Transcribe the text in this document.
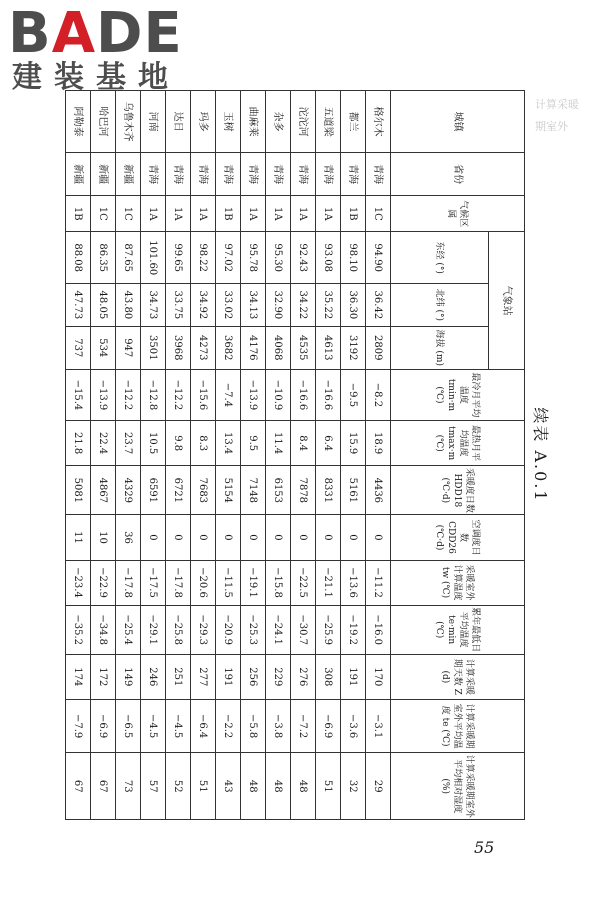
BADE
建装基地
续表 A.0.1
城镇	省份	气候区属	气象站			最冷月平均温度 tmin·m (℃)	最热月平均温度 tmax·m (℃)	采暖度日数 HDD18 (℃·d)	空调度日数 CDD26 (℃·d)	采暖室外计算温度 tw (℃)	累年最低日平均温度 te·min (℃)	计算采暖期天数 Z (d)	计算采暖期室外平均温度 te (℃)	计算采暖期室外平均相对湿度 (%)
			东经 (°)	北纬 (°)	海拔 (m)									
格尔木	青海	1C	94.90	36.42	2809	−8.2	18.9	4436	0	−11.2	−16.0	170	−3.1	29
都兰	青海	1B	98.10	36.30	3192	−9.5	15.9	5161	0	−13.6	−19.2	191	−3.6	32
五道梁	青海	1A	93.08	35.22	4613	−16.6	6.4	8331	0	−21.1	−25.9	308	−6.9	51
沱沱河	青海	1A	92.43	34.22	4535	−16.6	8.4	7878	0	−22.5	−30.7	276	−7.2	48
杂多	青海	1A	95.30	32.90	4068	−10.9	11.4	6153	0	−15.8	−24.1	229	−3.8	48
曲麻莱	青海	1A	95.78	34.13	4176	−13.9	9.5	7148	0	−19.1	−25.3	256	−5.8	48
玉树	青海	1B	97.02	33.02	3682	−7.4	13.4	5154	0	−11.5	−20.9	191	−2.2	43
玛多	青海	1A	98.22	34.92	4273	−15.6	8.3	7683	0	−20.6	−29.3	277	−6.4	51
达日	青海	1A	99.65	33.75	3968	−12.2	9.8	6721	0	−17.8	−25.8	251	−4.5	52
河南	青海	1A	101.60	34.73	3501	−12.8	10.5	6591	0	−17.5	−29.1	246	−4.5	57
乌鲁木齐	新疆	1C	87.65	43.80	947	−12.2	23.7	4329	36	−17.8	−25.4	149	−6.5	73
哈巴河	新疆	1C	86.35	48.05	534	−13.9	22.4	4867	10	−22.9	−34.8	172	−6.9	67
阿勒泰	新疆	1B	88.08	47.73	737	−15.4	21.8	5081	11	−23.4	−35.2	174	−7.9	67
计算采暖
期室外
55
